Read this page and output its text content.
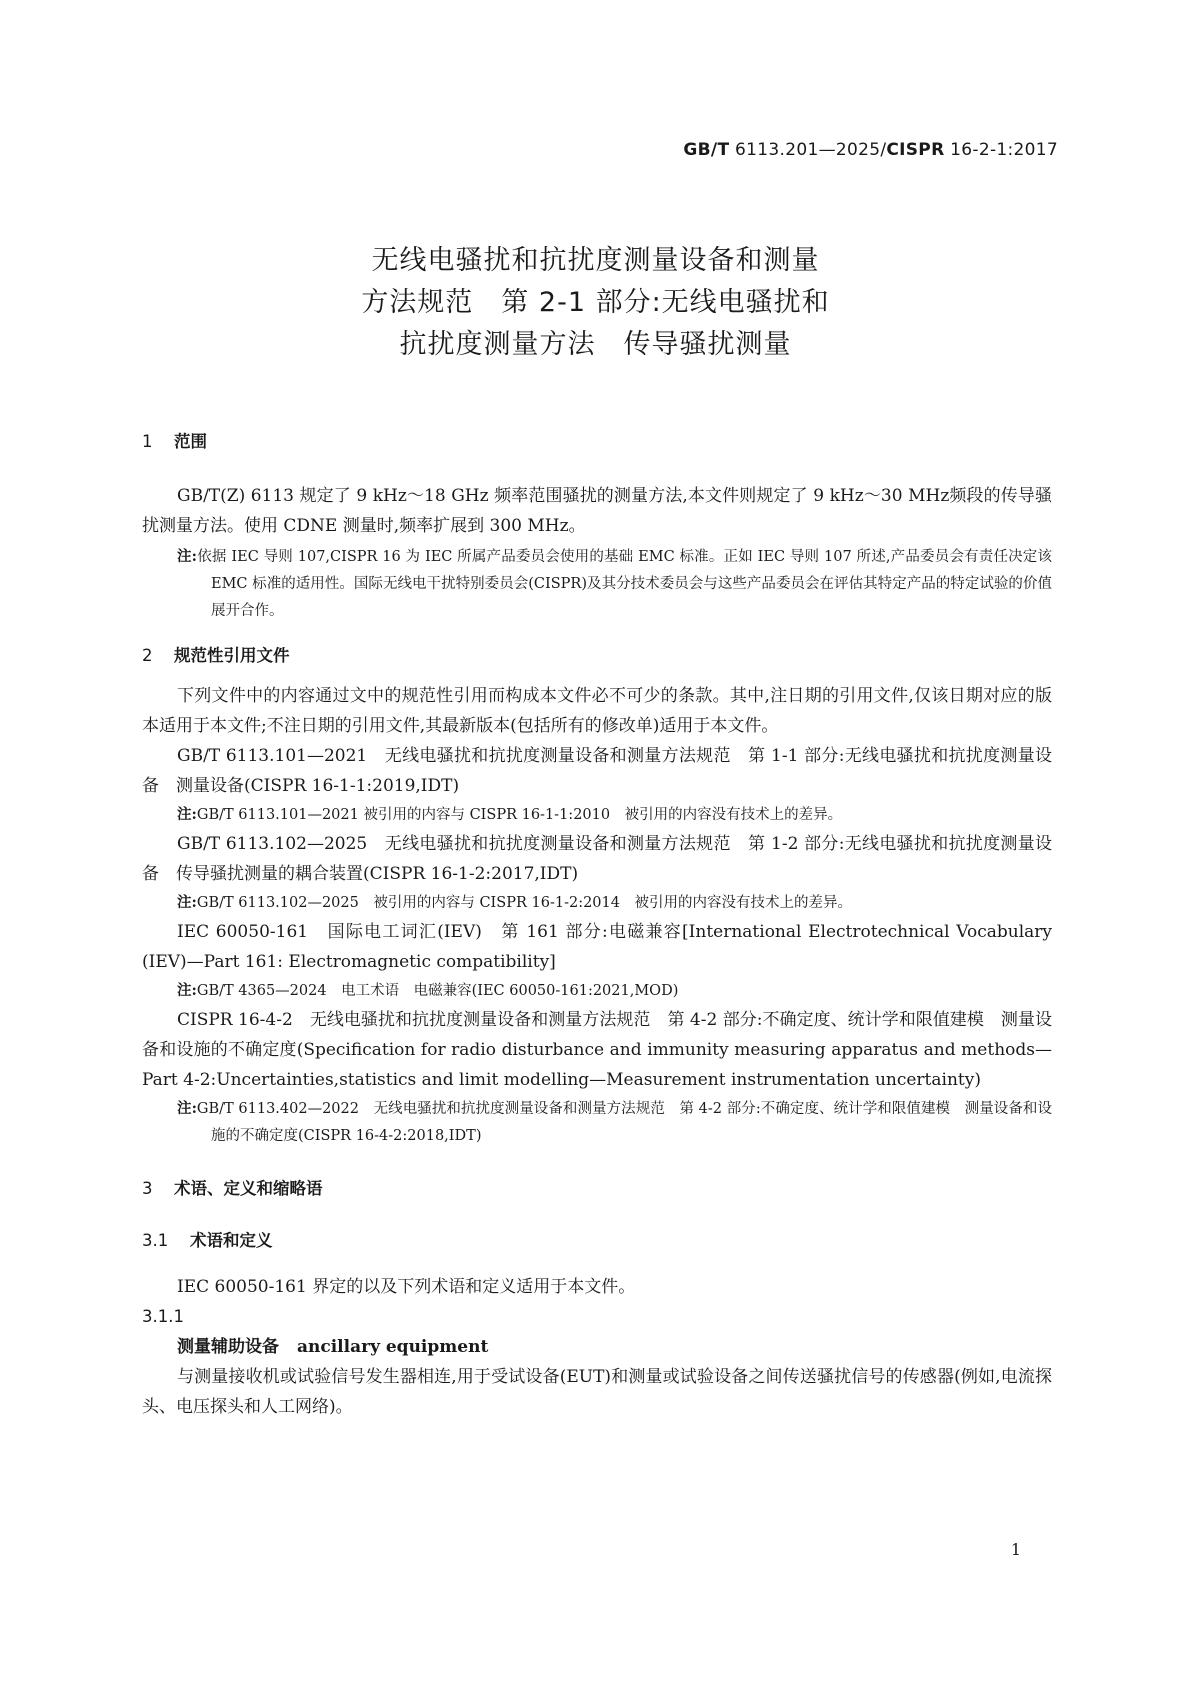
GB/T 6113.201—2025/CISPR 16-2-1:2017
无线电骚扰和抗扰度测量设备和测量
方法规范　第 2-1 部分:无线电骚扰和
抗扰度测量方法　传导骚扰测量
1 范围
GB/T(Z) 6113 规定了 9 kHz～18 GHz 频率范围骚扰的测量方法,本文件则规定了 9 kHz～30 MHz频段的传导骚扰测量方法。使用 CDNE 测量时,频率扩展到 300 MHz。
注:依据 IEC 导则 107,CISPR 16 为 IEC 所属产品委员会使用的基础 EMC 标准。正如 IEC 导则 107 所述,产品委员会有责任决定该 EMC 标准的适用性。国际无线电干扰特别委员会(CISPR)及其分技术委员会与这些产品委员会在评估其特定产品的特定试验的价值展开合作。
2 规范性引用文件
下列文件中的内容通过文中的规范性引用而构成本文件必不可少的条款。其中,注日期的引用文件,仅该日期对应的版本适用于本文件;不注日期的引用文件,其最新版本(包括所有的修改单)适用于本文件。
GB/T 6113.101—2021　无线电骚扰和抗扰度测量设备和测量方法规范　第 1-1 部分:无线电骚扰和抗扰度测量设备　测量设备(CISPR 16-1-1:2019,IDT)
注:GB/T 6113.101—2021 被引用的内容与 CISPR 16-1-1:2010　被引用的内容没有技术上的差异。
GB/T 6113.102—2025　无线电骚扰和抗扰度测量设备和测量方法规范　第 1-2 部分:无线电骚扰和抗扰度测量设备　传导骚扰测量的耦合装置(CISPR 16-1-2:2017,IDT)
注:GB/T 6113.102—2025　被引用的内容与 CISPR 16-1-2:2014　被引用的内容没有技术上的差异。
IEC 60050-161　国际电工词汇(IEV)　第 161 部分:电磁兼容[International Electrotechnical Vocabulary (IEV)—Part 161: Electromagnetic compatibility]
注:GB/T 4365—2024　电工术语　电磁兼容(IEC 60050-161:2021,MOD)
CISPR 16-4-2　无线电骚扰和抗扰度测量设备和测量方法规范　第 4-2 部分:不确定度、统计学和限值建模　测量设备和设施的不确定度(Specification for radio disturbance and immunity measuring apparatus and methods—Part 4-2:Uncertainties,statistics and limit modelling—Measurement instrumentation uncertainty)
注:GB/T 6113.402—2022　无线电骚扰和抗扰度测量设备和测量方法规范　第 4-2 部分:不确定度、统计学和限值建模　测量设备和设施的不确定度(CISPR 16-4-2:2018,IDT)
3 术语、定义和缩略语
3.1 术语和定义
IEC 60050-161 界定的以及下列术语和定义适用于本文件。
3.1.1
测量辅助设备 ancillary equipment
与测量接收机或试验信号发生器相连,用于受试设备(EUT)和测量或试验设备之间传送骚扰信号的传感器(例如,电流探头、电压探头和人工网络)。
1
